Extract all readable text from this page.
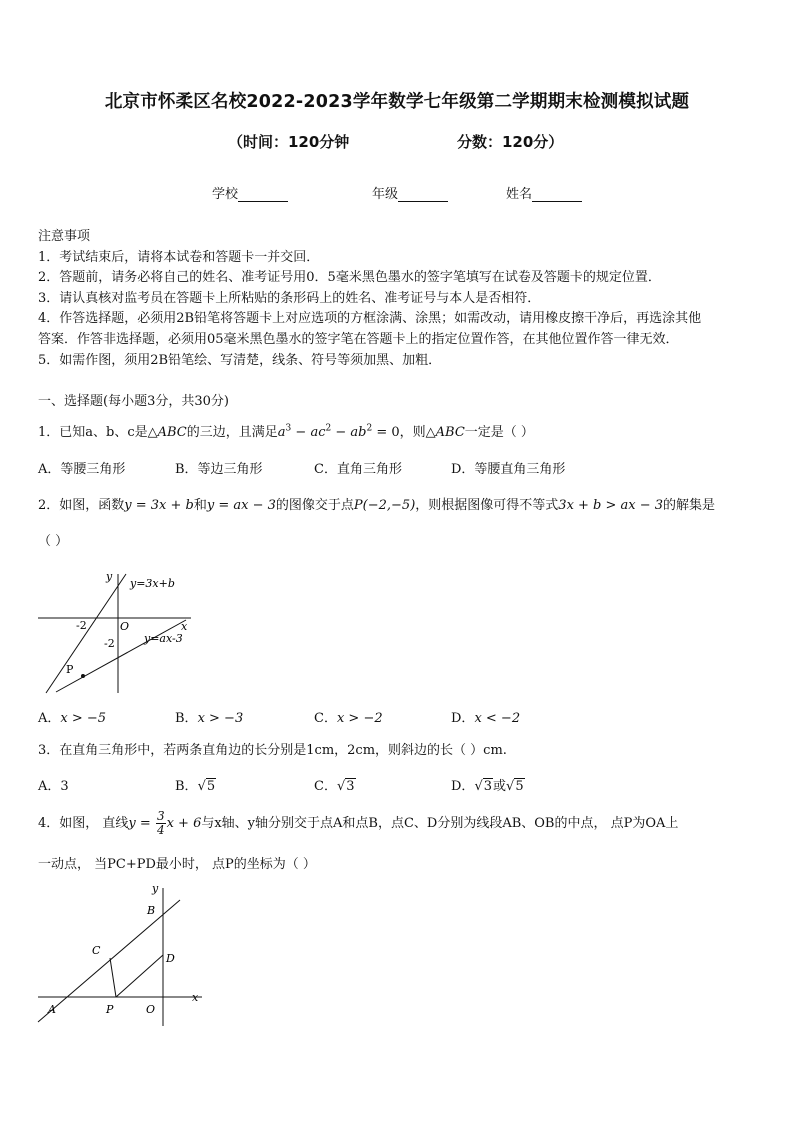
北京市怀柔区名校2022-2023学年数学七年级第二学期期末检测模拟试题
（时间：120分钟	分数：120分）
学校	年级	姓名
注意事项
1．考试结束后，请将本试卷和答题卡一并交回．
2．答题前，请务必将自己的姓名、准考证号用0．5毫米黑色墨水的签字笔填写在试卷及答题卡的规定位置．
3．请认真核对监考员在答题卡上所粘贴的条形码上的姓名、准考证号与本人是否相符．
4．作答选择题，必须用2B铅笔将答题卡上对应选项的方框涂满、涂黑；如需改动，请用橡皮擦干净后，再选涂其他
答案．作答非选择题，必须用05毫米黑色墨水的签字笔在答题卡上的指定位置作答，在其他位置作答一律无效．
5．如需作图，须用2B铅笔绘、写清楚，线条、符号等须加黑、加粗．
一、选择题(每小题3分，共30分)
1．已知a、b、c是△ABC的三边，且满足$a^3 - ac^2 - ab^2 = 0$，则△ABC一定是（ ）
A．等腰三角形	B．等边三角形	C．直角三角形	D．等腰直角三角形
2．如图，函数y = 3x + b和y = ax − 3的图像交于点P(−2,−5)，则根据图像可得不等式3x + b > ax − 3的解集是
（ ）
y
x
O
-2
-2
P
y=3x+b
y=ax-3
A．x > −5	B．x > −3	C．x > −2	D．x < −2
3．在直角三角形中，若两条直角边的长分别是1cm，2cm，则斜边的长（ ）cm.
A．3	B．√5	C．√3	D．√3或√5
4．如图， 直线$y = \frac{3}{4}$ x + 6与x轴、y轴分别交于点A和点B，点C、D分别为线段AB、OB的中点， 点P为OA上
一动点， 当PC+PD最小时， 点P的坐标为（ ）
y
x
B
C
D
A	P	O
